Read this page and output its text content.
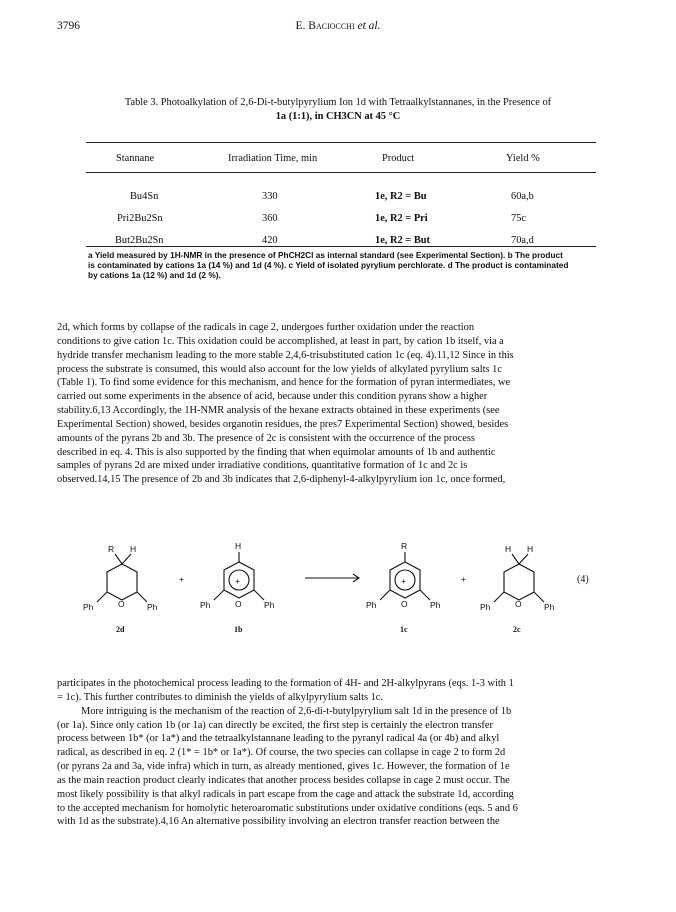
3796	E. Baciocchi et al.
Table 3. Photoalkylation of 2,6-Di-t-butylpyrylium Ion 1d with Tetraalkylstannanes, in the Presence of
1a (1:1), in CH3CN at 45 °C
Stannane	Irradiation Time, min	Product	Yield %
Bu4Sn	330	1e, R2 = Bu	60a,b
Pri2Bu2Sn	360	1e, R2 = Pri	75c
But2Bu2Sn	420	1e, R2 = But	70a,d

a Yield measured by 1H-NMR in the presence of PhCH2Cl as internal standard (see Experimental Section). b The product

is contaminated by cations 1a (14 %) and 1d (4 %). c Yield of isolated pyrylium perchlorate. d The product is contaminated

by cations 1a (12 %) and 1d (2 %).

2d, which forms by collapse of the radicals in cage 2, undergoes further oxidation under the reaction
conditions to give cation 1c. This oxidation could be accomplished, at least in part, by cation 1b itself, via a
hydride transfer mechanism leading to the more stable 2,4,6-trisubstituted cation 1c (eq. 4).11,12 Since in this
process the substrate is consumed, this would also account for the low yields of alkylated pyrylium salts 1c
(Table 1). To find some evidence for this mechanism, and hence for the formation of pyran intermediates, we
carried out some experiments in the absence of acid, because under this condition pyrans show a higher
stability.6,13 Accordingly, the 1H-NMR analysis of the hexane extracts obtained in these experiments (see
Experimental Section) showed, besides organotin residues, the pres7 Experimental Section) showed, besides
amounts of the pyrans 2b and 3b. The presence of 2c is consistent with the occurrence of the process
described in eq. 4. This is also supported by the finding that when equimolar amounts of 1b and authentic
samples of pyrans 2d are mixed under irradiative conditions, quantitative formation of 1c and 2c is
observed.14,15 The presence of 2b and 3b indicates that 2,6-diphenyl-4-alkylpyrylium ion 1c, once formed,
R H
O
Ph	Ph
+
H
+
O
Ph	Ph
R
+
O
Ph	Ph
+
H H
O
Ph	Ph
(4)
2d	1b	1c	2c
participates in the photochemical process leading to the formation of 4H- and 2H-alkylpyrans (eqs. 1-3 with 1
= 1c). This further contributes to diminish the yields of alkylpyrylium salts 1c.
More intriguing is the mechanism of the reaction of 2,6-di-t-butylpyrylium salt 1d in the presence of 1b
(or 1a). Since only cation 1b (or 1a) can directly be excited, the first step is certainly the electron transfer
process between 1b* (or 1a*) and the tetraalkylstannane leading to the pyranyl radical 4a (or 4b) and alkyl
radical, as described in eq. 2 (1* = 1b* or 1a*). Of course, the two species can collapse in cage 2 to form 2d
(or pyrans 2a and 3a, vide infra) which in turn, as already mentioned, gives 1c. However, the formation of 1e
as the main reaction product clearly indicates that another process besides collapse in cage 2 must occur. The
most likely possibility is that alkyl radicals in part escape from the cage and attack the substrate 1d, according
to the accepted mechanism for homolytic heteroaromatic substitutions under oxidative conditions (eqs. 5 and 6
with 1d as the substrate).4,16 An alternative possibility involving an electron transfer reaction between the
